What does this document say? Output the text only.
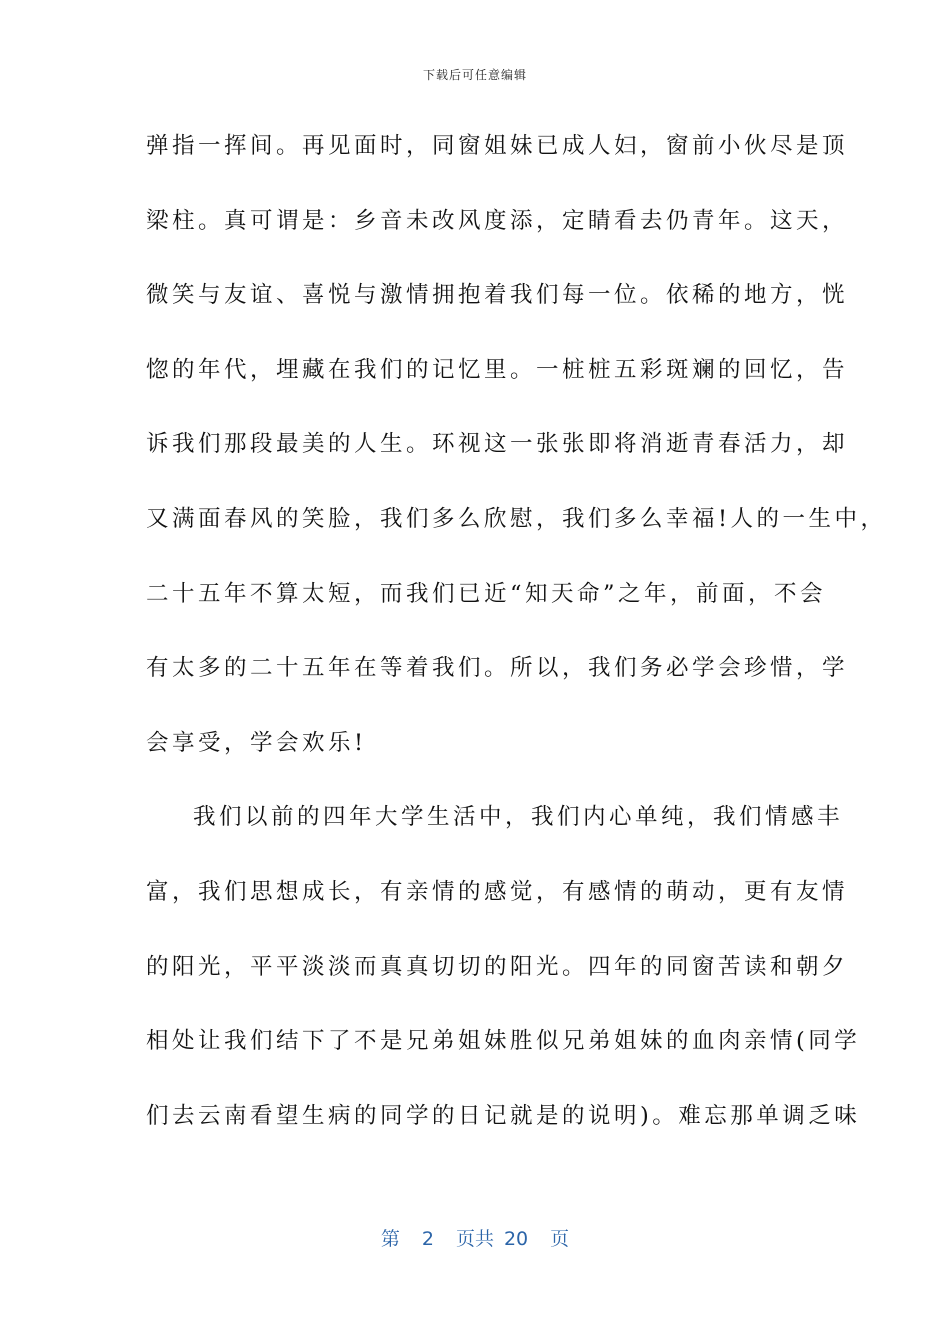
下载后可任意编辑
弹指一挥间。再见面时，同窗姐妹已成人妇，窗前小伙尽是顶
梁柱。真可谓是：乡音未改风度添，定睛看去仍青年。这天，
微笑与友谊、喜悦与激情拥抱着我们每一位。依稀的地方，恍
惚的年代，埋藏在我们的记忆里。一桩桩五彩斑斓的回忆，告
诉我们那段最美的人生。环视这一张张即将消逝青春活力，却
又满面春风的笑脸，我们多么欣慰，我们多么幸福!人的一生中，
二十五年不算太短，而我们已近“知天命”之年，前面，不会
有太多的二十五年在等着我们。所以，我们务必学会珍惜，学
会享受，学会欢乐!
我们以前的四年大学生活中，我们内心单纯，我们情感丰
富，我们思想成长，有亲情的感觉，有感情的萌动，更有友情
的阳光，平平淡淡而真真切切的阳光。四年的同窗苦读和朝夕
相处让我们结下了不是兄弟姐妹胜似兄弟姐妹的血肉亲情(同学
们去云南看望生病的同学的日记就是的说明)。难忘那单调乏味
第 2 页共 20 页
